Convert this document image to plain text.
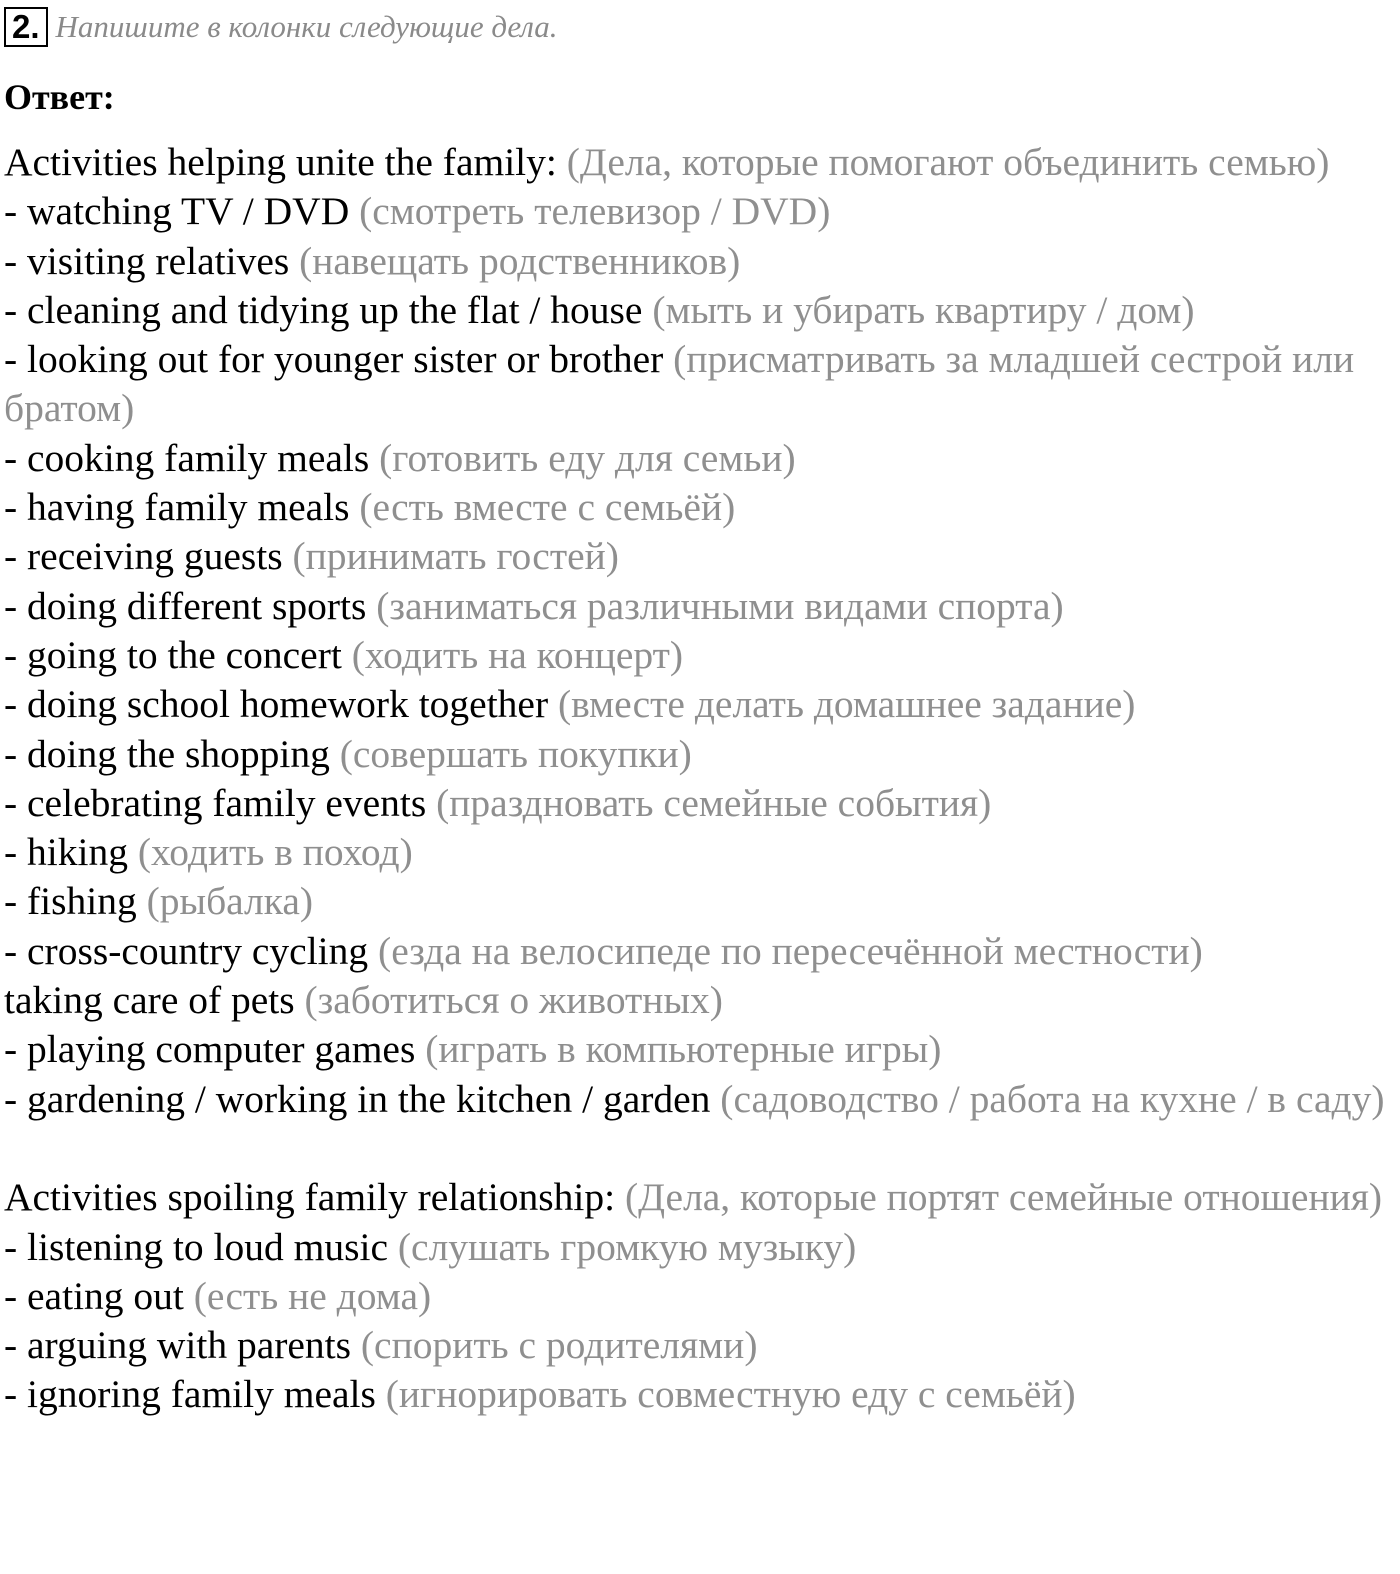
2. Напишите в колонки следующие дела.
Ответ:
Activities helping unite the family: (Дела, которые помогают объединить семью)
- watching TV / DVD (смотреть телевизор / DVD)
- visiting relatives (навещать родственников)
- cleaning and tidying up the flat / house (мыть и убирать квартиру / дом)
- looking out for younger sister or brother (присматривать за младшей сестрой или братом)
- cooking family meals (готовить еду для семьи)
- having family meals (есть вместе с семьёй)
- receiving guests (принимать гостей)
- doing different sports (заниматься различными видами спорта)
- going to the concert (ходить на концерт)
- doing school homework together (вместе делать домашнее задание)
- doing the shopping (совершать покупки)
- celebrating family events (праздновать семейные события)
- hiking (ходить в поход)
- fishing (рыбалка)
- cross-country cycling (езда на велосипеде по пересечённой местности)
taking care of pets (заботиться о животных)
- playing computer games (играть в компьютерные игры)
- gardening / working in the kitchen / garden (садоводство / работа на кухне / в саду)
Activities spoiling family relationship: (Дела, которые портят семейные отношения)
- listening to loud music (слушать громкую музыку)
- eating out (есть не дома)
- arguing with parents (спорить с родителями)
- ignoring family meals (игнорировать совместную еду с семьёй)
